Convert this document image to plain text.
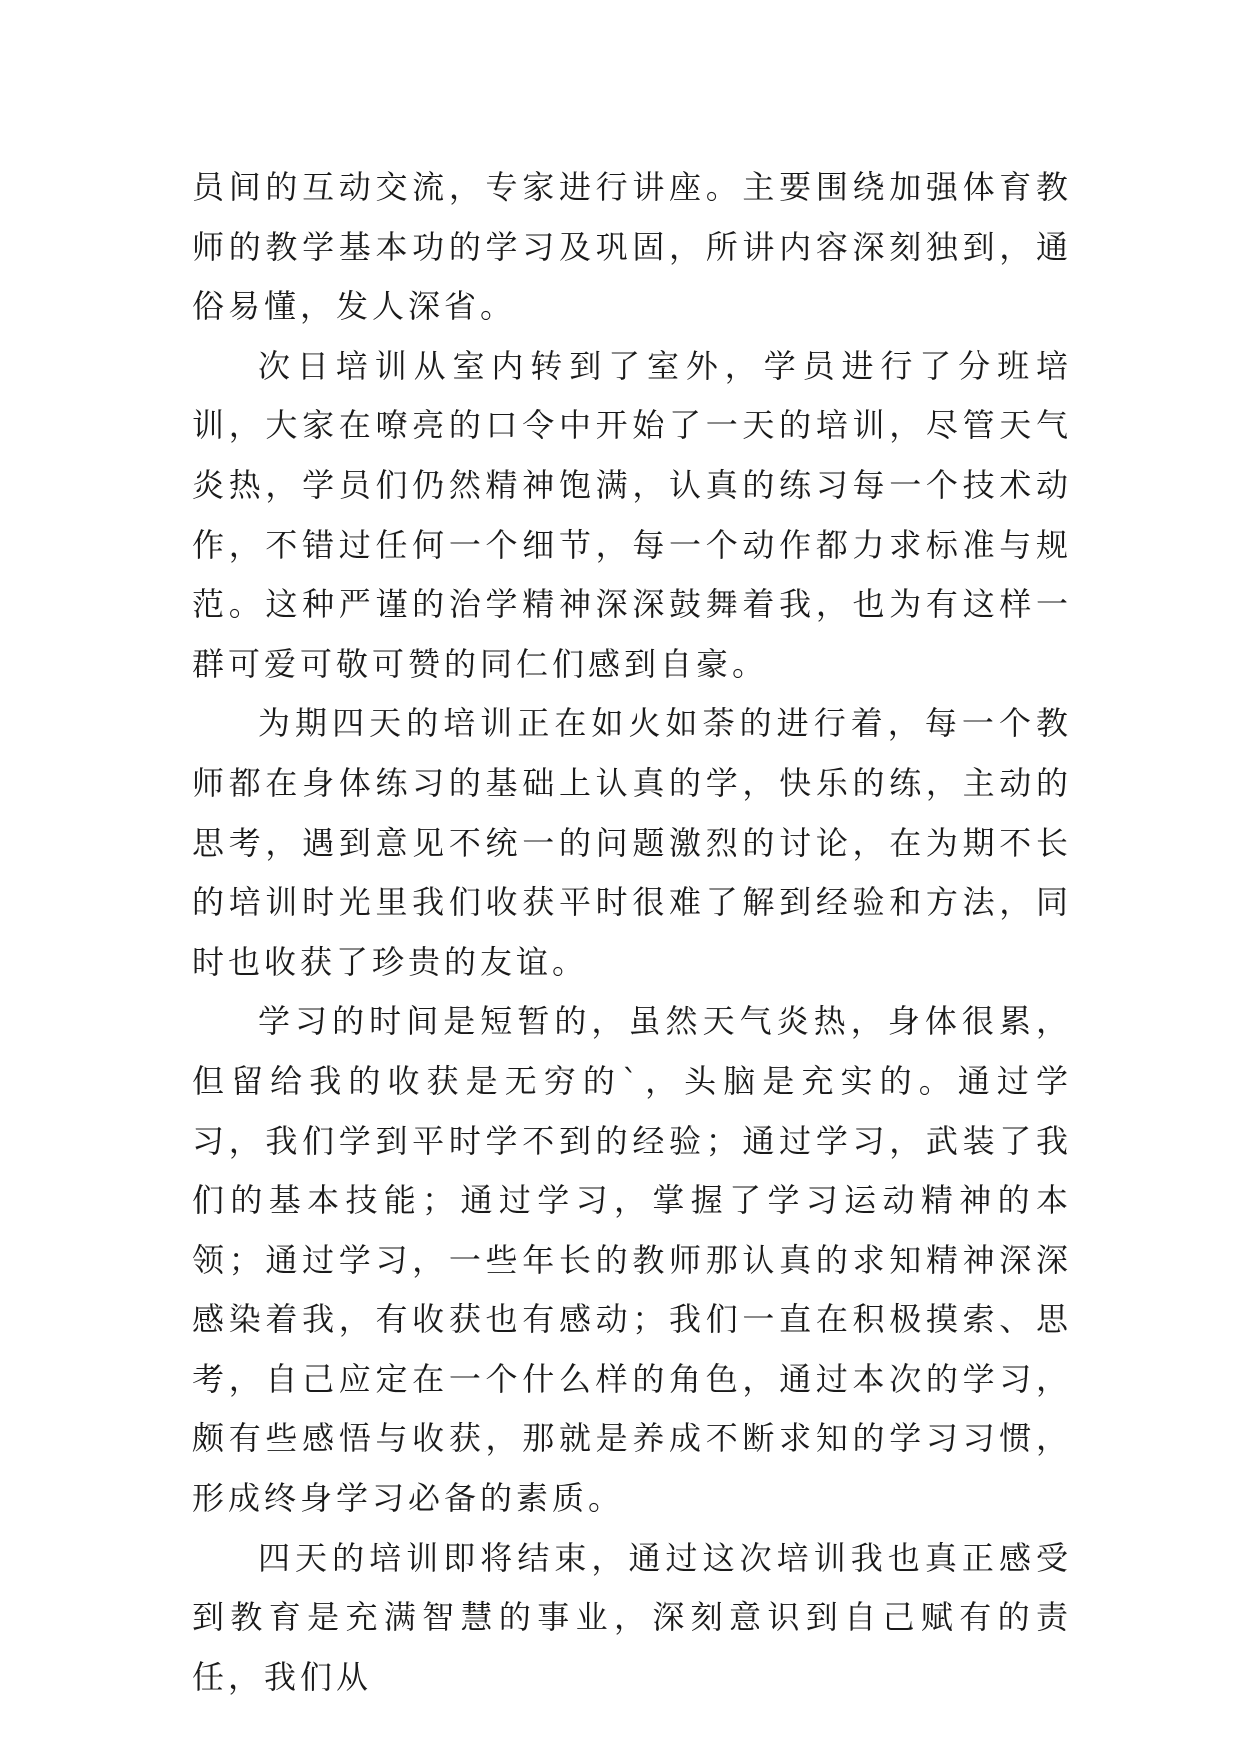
员间的互动交流，专家进行讲座。主要围绕加强体育教师的教学基本功的学习及巩固，所讲内容深刻独到，通俗易懂，发人深省。

次日培训从室内转到了室外，学员进行了分班培训，大家在嘹亮的口令中开始了一天的培训，尽管天气炎热，学员们仍然精神饱满，认真的练习每一个技术动作，不错过任何一个细节，每一个动作都力求标准与规范。这种严谨的治学精神深深鼓舞着我，也为有这样一群可爱可敬可赞的同仁们感到自豪。

为期四天的培训正在如火如荼的进行着，每一个教师都在身体练习的基础上认真的学，快乐的练，主动的思考，遇到意见不统一的问题激烈的讨论，在为期不长的培训时光里我们收获平时很难了解到经验和方法，同时也收获了珍贵的友谊。

学习的时间是短暂的，虽然天气炎热，身体很累，但留给我的收获是无穷的`，头脑是充实的。通过学习，我们学到平时学不到的经验；通过学习，武装了我们的基本技能；通过学习，掌握了学习运动精神的本领；通过学习，一些年长的教师那认真的求知精神深深感染着我，有收获也有感动；我们一直在积极摸索、思考，自己应定在一个什么样的角色，通过本次的学习，颇有些感悟与收获，那就是养成不断求知的学习习惯，形成终身学习必备的素质。

四天的培训即将结束，通过这次培训我也真正感受到教育是充满智慧的事业，深刻意识到自己赋有的责任，我们从
